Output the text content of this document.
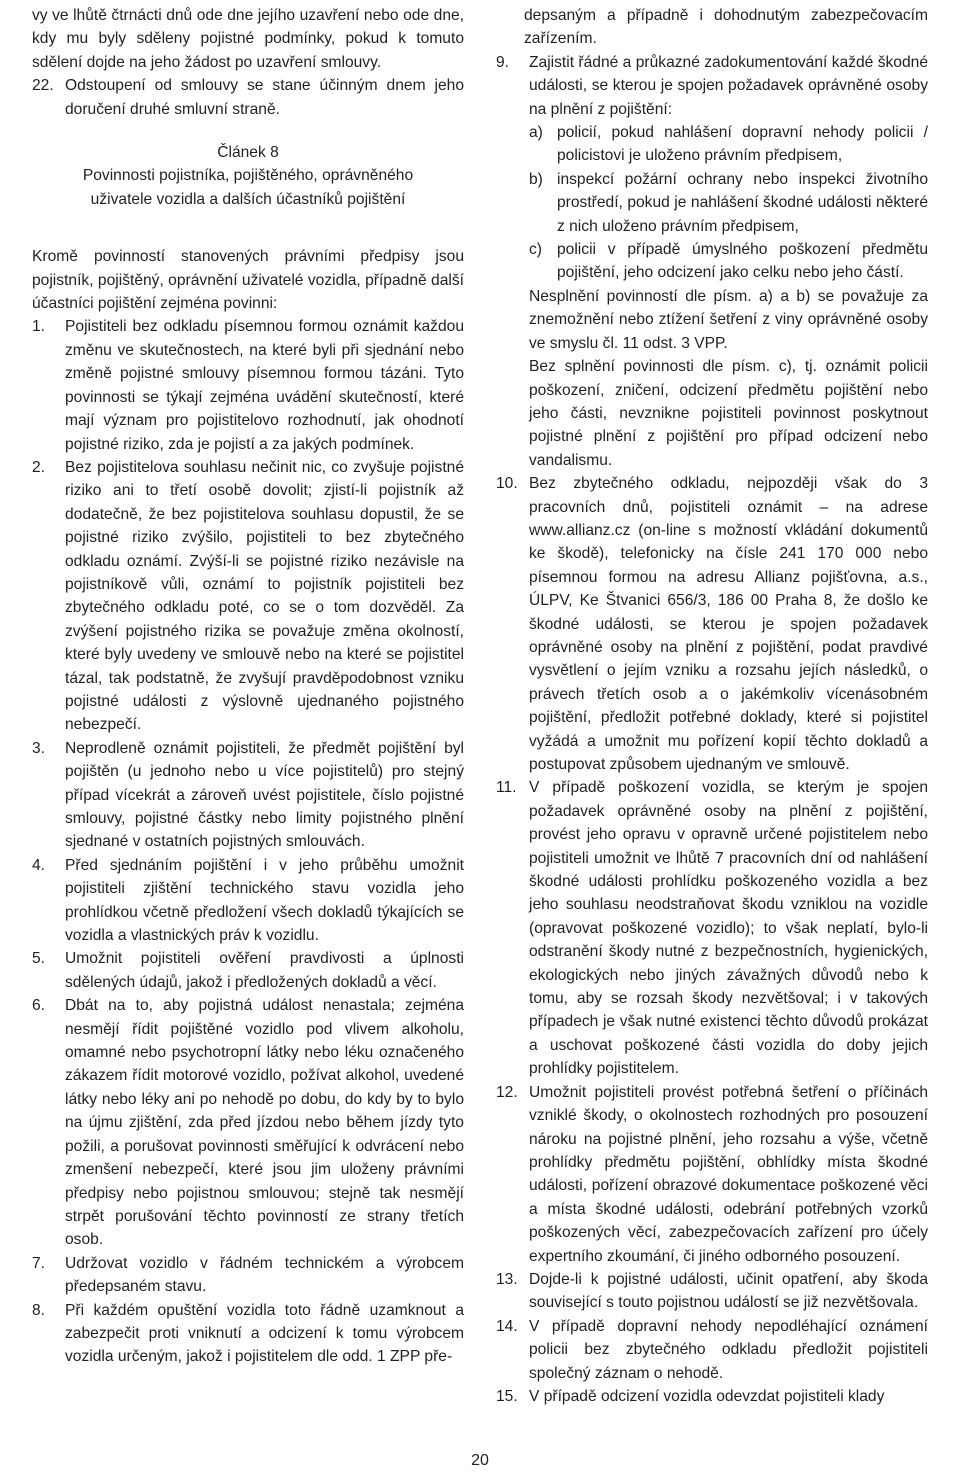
vy ve lhůtě čtrnácti dnů ode dne jejího uzavření nebo ode dne, kdy mu byly sděleny pojistné podmínky, pokud k tomuto sdělení dojde na jeho žádost po uzavření smlouvy.

22. Odstoupení od smlouvy se stane účinným dnem jeho doručení druhé smluvní straně.
Článek 8
Povinnosti pojistníka, pojištěného, oprávněného
uživatele vozidla a dalších účastníků pojištění

Kromě povinností stanovených právními předpisy jsou pojistník, pojištěný, oprávnění uživatelé vozidla, případně další účastníci pojištění zejména povinni:

1. Pojistiteli bez odkladu písemnou formou oznámit každou změnu ve skutečnostech, na které byli při sjednání nebo změně pojistné smlouvy písemnou formou tázáni. Tyto povinnosti se týkají zejména uvádění skutečností, které mají význam pro pojistitelovo rozhodnutí, jak ohodnotí pojistné riziko, zda je pojistí a za jakých podmínek.
2. Bez pojistitelova souhlasu nečinit nic, co zvyšuje pojistné riziko ani to třetí osobě dovolit; zjistí-li pojistník až dodatečně, že bez pojistitelova souhlasu dopustil, že se pojistné riziko zvýšilo, pojistiteli to bez zbytečného odkladu oznámí. Zvýší-li se pojistné riziko nezávisle na pojistníkově vůli, oznámí to pojistník pojistiteli bez zbytečného odkladu poté, co se o tom dozvěděl. Za zvýšení pojistného rizika se považuje změna okolností, které byly uvedeny ve smlouvě nebo na které se pojistitel tázal, tak podstatně, že zvyšují pravděpodobnost vzniku pojistné události z výslovně ujednaného pojistného nebezpečí.
3. Neprodleně oznámit pojistiteli, že předmět pojištění byl pojištěn (u jednoho nebo u více pojistitelů) pro stejný případ vícekrát a zároveň uvést pojistitele, číslo pojistné smlouvy, pojistné částky nebo limity pojistného plnění sjednané v ostatních pojistných smlouvách.
4. Před sjednáním pojištění i v jeho průběhu umožnit pojistiteli zjištění technického stavu vozidla jeho prohlídkou včetně předložení všech dokladů týkajících se vozidla a vlastnických práv k vozidlu.
5. Umožnit pojistiteli ověření pravdivosti a úplnosti sdělených údajů, jakož i předložených dokladů a věcí.
6. Dbát na to, aby pojistná událost nenastala; zejména nesmějí řídit pojištěné vozidlo pod vlivem alkoholu, omamné nebo psychotropní látky nebo léku označeného zákazem řídit motorové vozidlo, požívat alkohol, uvedené látky nebo léky ani po nehodě po dobu, do kdy by to bylo na újmu zjištění, zda před jízdou nebo během jízdy tyto požili, a porušovat povinnosti směřující k odvrácení nebo zmenšení nebezpečí, které jsou jim uloženy právními předpisy nebo pojistnou smlouvou; stejně tak nesmějí strpět porušování těchto povinností ze strany třetích osob.
7. Udržovat vozidlo v řádném technickém a výrobcem předepsaném stavu.
8. Při každém opuštění vozidla toto řádně uzamknout a zabezpečit proti vniknutí a odcizení k tomu výrobcem vozidla určeným, jakož i pojistitelem dle odd. 1 ZPP pře-

depsaným a případně i dohodnutým zabezpečovacím zařízením.

9. Zajistit řádné a průkazné zadokumentování každé škodné události, se kterou je spojen požadavek oprávněné osoby na plnění z pojištění:
a) policií, pokud nahlášení dopravní nehody policii / policistovi je uloženo právním předpisem,
b) inspekcí požární ochrany nebo inspekci životního prostředí, pokud je nahlášení škodné události některé z nich uloženo právním předpisem,
c) policii v případě úmyslného poškození předmětu pojištění, jeho odcizení jako celku nebo jeho částí.

Nesplnění povinností dle písm. a) a b) se považuje za znemožnění nebo ztížení šetření z viny oprávněné osoby ve smyslu čl. 11 odst. 3 VPP.

Bez splnění povinnosti dle písm. c), tj. oznámit policii poškození, zničení, odcizení předmětu pojištění nebo jeho části, nevznikne pojistiteli povinnost poskytnout pojistné plnění z pojištění pro případ odcizení nebo vandalismu.

10. Bez zbytečného odkladu, nejpozději však do 3 pracovních dnů, pojistiteli oznámit – na adrese www.allianz.cz (on-line s možností vkládání dokumentů ke škodě), telefonicky na čísle 241 170 000 nebo písemnou formou na adresu Allianz pojišťovna, a.s., ÚLPV, Ke Štvanici 656/3, 186 00 Praha 8, že došlo ke škodné události, se kterou je spojen požadavek oprávněné osoby na plnění z pojištění, podat pravdivé vysvětlení o jejím vzniku a rozsahu jejích následků, o právech třetích osob a o jakémkoliv vícenásobném pojištění, předložit potřebné doklady, které si pojistitel vyžádá a umožnit mu pořízení kopií těchto dokladů a postupovat způsobem ujednaným ve smlouvě.
11. V případě poškození vozidla, se kterým je spojen požadavek oprávněné osoby na plnění z pojištění, provést jeho opravu v opravně určené pojistitelem nebo pojistiteli umožnit ve lhůtě 7 pracovních dní od nahlášení škodné události prohlídku poškozeného vozidla a bez jeho souhlasu neodstraňovat škodu vzniklou na vozidle (opravovat poškozené vozidlo); to však neplatí, bylo-li odstranění škody nutné z bezpečnostních, hygienických, ekologických nebo jiných závažných důvodů nebo k tomu, aby se rozsah škody nezvětšoval; i v takových případech je však nutné existenci těchto důvodů prokázat a uschovat poškozené části vozidla do doby jejich prohlídky pojistitelem.
12. Umožnit pojistiteli provést potřebná šetření o příčinách vzniklé škody, o okolnostech rozhodných pro posouzení nároku na pojistné plnění, jeho rozsahu a výše, včetně prohlídky předmětu pojištění, obhlídky místa škodné události, pořízení obrazové dokumentace poškozené věci a místa škodné události, odebrání potřebných vzorků poškozených věcí, zabezpečovacích zařízení pro účely expertního zkoumání, či jiného odborného posouzení.
13. Dojde-li k pojistné události, učinit opatření, aby škoda související s touto pojistnou událostí se již nezvětšovala.
14. V případě dopravní nehody nepodléhající oznámení policii bez zbytečného odkladu předložit pojistiteli společný záznam o nehodě.
15. V případě odcizení vozidla odevzdat pojistiteli klady
20
